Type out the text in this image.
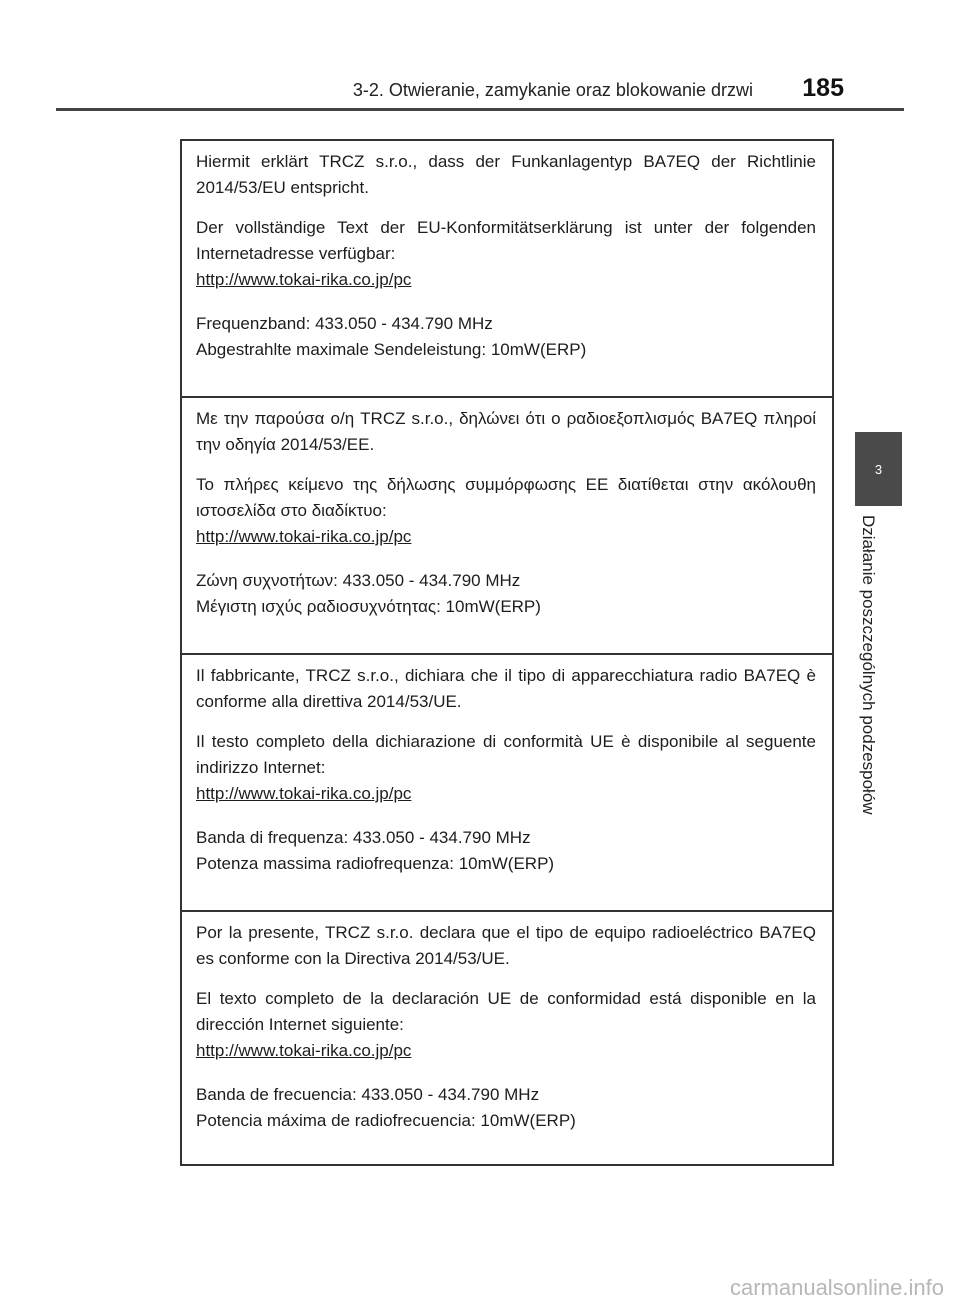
3-2. Otwieranie, zamykanie oraz blokowanie drzwi 185
3
Działanie poszczególnych podzespołów

Hiermit erklärt TRCZ s.r.o., dass der Funkanlagentyp BA7EQ der Richtlinie 2014/53/EU entspricht.

Der vollständige Text der EU-Konformitätserklärung ist unter der folgenden Internetadresse verfügbar:

http://www.tokai-rika.co.jp/pc

Frequenzband: 433.050 - 434.790 MHz

Abgestrahlte maximale Sendeleistung: 10mW(ERP)

Με την παρούσα ο/η TRCZ s.r.o., δηλώνει ότι ο ραδιοεξοπλισμός BA7EQ πληροί την οδηγία 2014/53/ΕΕ.

Το πλήρες κείμενο της δήλωσης συμμόρφωσης ΕΕ διατίθεται στην ακόλουθη ιστοσελίδα στο διαδίκτυο:

http://www.tokai-rika.co.jp/pc

Ζώνη συχνοτήτων: 433.050 - 434.790 MHz

Μέγιστη ισχύς ραδιοσυχνότητας: 10mW(ERP)

Il fabbricante, TRCZ s.r.o., dichiara che il tipo di apparecchiatura radio BA7EQ è conforme alla direttiva 2014/53/UE.

Il testo completo della dichiarazione di conformità UE è disponibile al seguente indirizzo Internet:

http://www.tokai-rika.co.jp/pc

Banda di frequenza: 433.050 - 434.790 MHz

Potenza massima radiofrequenza: 10mW(ERP)

Por la presente, TRCZ s.r.o. declara que el tipo de equipo radioeléctrico BA7EQ es conforme con la Directiva 2014/53/UE.

El texto completo de la declaración UE de conformidad está disponible en la dirección Internet siguiente:

http://www.tokai-rika.co.jp/pc

Banda de frecuencia: 433.050 - 434.790 MHz

Potencia máxima de radiofrecuencia: 10mW(ERP)

carmanualsonline.info
